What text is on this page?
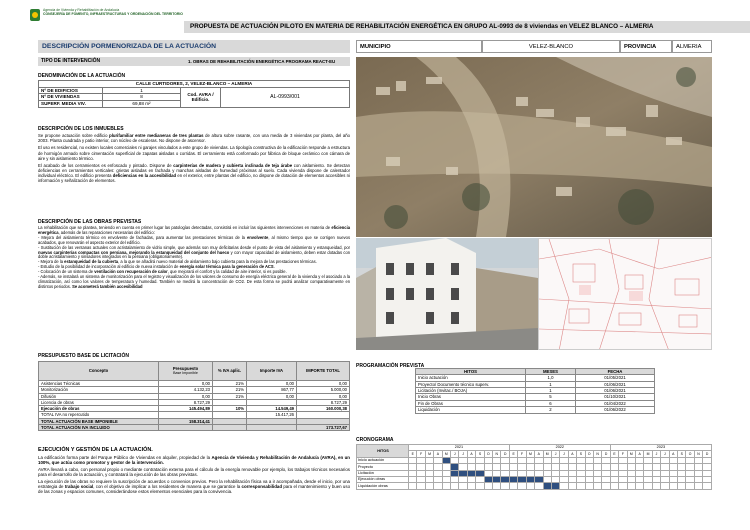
Agencia de Vivienda y Rehabilitación de Andalucía
CONSEJERÍA DE FOMENTO, INFRAESTRUCTURAS Y ORDENACIÓN DEL TERRITORIO
PROPUESTA DE ACTUACIÓN PILOTO EN MATERIA DE REHABILITACIÓN ENERGÉTICA EN GRUPO AL-0993 de 8 viviendas en VELEZ BLANCO – ALMERIA
DESCRIPCIÓN PORMENORIZADA DE LA ACTUACIÓN	MUNICIPIO	VELEZ-BLANCO	PROVINCIA	ALMERIA
TIPO DE INTERVENCIÓN	1. OBRAS DE REHABILITACIÓN ENERGÉTICA PROGRAMA REACT-EU
DENOMINACIÓN DE LA ACTUACIÓN
CALLE CURTIDORES, 2, VELEZ-BLANCO – ALMERIA			
Nº DE EDIFICIOS	1	Cod. AVRA / Edificio.	AL-0993/001
Nº DE VIVIENDAS	8		
SUPERF. MEDIA VIV.	69,88 m²		
DESCRIPCIÓN DE LOS INMUEBLES

Se propone actuación sobre edificio plurifamiliar entre medianeras de tres plantas de altura sobre rasante, con una media de 3 viviendas por planta, del año 2003. Planta cuadrada y patio interior, con núcleo de escaleras. No dispone de ascensor.

El uso es residencial, no existen locales comerciales ni garajes vinculados a este grupo de viviendas. La tipología constructiva de la edificación responde a estructura de hormigón armado sobre cimentación superficial de zapatas aisladas o corridas. El cerramiento está conformado por fábrica de bloque cerámico con cámara de aire y sin aislamiento térmico.

El acabado de los cerramientos es enfoscado y pintado. Dispone de carpinterías de madera y cubierta inclinada de teja árabe con aislamiento. Se detectan deficiencias en cerramientos verticales: grietas aisladas en fachada y manchas aisladas de humedad próximas al suelo. Cada vivienda dispone de calentador individual eléctrico. El edificio presenta deficiencias en la accesibilidad en el exterior, entre plantas del edificio, no dispone de dotación de elementos accesibles ni información y señalización de elementos.

DESCRIPCIÓN DE LAS OBRAS PREVISTAS

La rehabilitación que se plantea, teniendo en cuenta en primer lugar las patologías detectadas, consistirá en incluir las siguientes intervenciones en materia de eficiencia energética, además de las reparaciones necesarias del edificio:

- Mejora del aislamiento térmico en envolvente de fachadas, para aumentar las prestaciones térmicas de la envolvente, al mismo tiempo que se corrigen nuevos acabados, que renovarán el aspecto exterior del edificio.

- Sustitución de las ventanas actuales con acristalamiento de vidrio simple, que además son muy deficitarias desde el punto de vista del aislamiento y estanqueidad, por nuevas carpinterías compactas con persiana, mejorando la estanqueidad del conjunto del hueco y con mayor capacidad de aislamiento, deben estar dotadas con doble acristalamiento y sinsadores integrados en la persiana (obligatoriamente).

- Mejora de la estanqueidad de la cubierta, a la que se añadirá nuevo material de aislamiento bajo cubierta para la mejora de las prestaciones térmicas.

- Estudio de la posibilidad de incorporación al edificio de nueva instalación de energía solar térmica para la generación de ACS.

- Colocación de un sistema de ventilación con recuperación de calor, que mejorará el confort y la calidad de aire interior, si es posible.

- Además, se instalará un sistema de monitorización para el registro y visualización de los valores de consumo de energía eléctrica general de la vivienda y el asociado a la climatización, así como los valores de temperatura y humedad. También se medirá la concentración de CO2. De esta forma se podrá analizar comparativamente en distintos periodos. Se acometerá también accesibilidad

PRESUPUESTO BASE DE LICITACIÓN
Concepto	Presupuesto
Base Imponible	% IVA aplic.	Importe IVA	IMPORTE TOTAL
Asistencias Técnicas	0,00	21%	0,00	0,00
Monitorización	4.132,23	21%	867,77	5.000,00
Difusión	0,00	21%	0,00	0,00
Licencia de obras	8.727,29			8.727,29
Ejecución de obras	145.494,89	10%	14.549,49	160.000,38
TOTAL IVA no repercutido			15.417,26	
TOTAL ACTUACIÓN BASE IMPONIBLE	158.314,41			
TOTAL ACTUACIÓN IVA INCLUIDO				173.727,67
EJECUCIÓN Y GESTIÓN DE LA ACTUACIÓN.

La edificación forma parte del Parque Público de Viviendas en alquiler, propiedad de la Agencia de Vivienda y Rehabilitación de Andalucía (AVRA), en un 100%, que actúa como promotor y gestor de la intervención.

AVRA llevará a cabo, con personal propio o mediante contratación externa para el cálculo de la energía renovable por ejemplo, los trabajos técnicos necesarios para el desarrollo de la actuación, y contratará la ejecución de las obras previstas.

La ejecución de las obras no requiere la suscripción de acuerdos o convenios previos. Pero la rehabilitación física va a ir acompañada, desde el inicio, por una estrategia de trabajo social, con el objetivo de implicar a los residentes de manera que se garantice la corresponsabilidad para el mantenimiento y buen uso de las zonas y espacios comunes, considerándose estos elementos esenciales para la convivencia.

PROGRAMACIÓN PREVISTA
HITOS	MESES	FECHA
Inicio actuación	1,0	01/05/2021
Proyecto/ Documento técnico superv.	1	01/06/2021
Licitación (Invitac./ BOJA)	1	01/06/2021
Inicio Obras	5	01/10/2021
Fin de Obras	6	01/04/2022
Liquidación	2	01/06/2022
CRONOGRAMA
HITOS	2021												2022												2023											
	E	F	M	A	M	J	J	A	S	O	N	D	E	F	M	A	M	J	J	A	S	O	N	D	E	F	M	A	M	J	J	A	S	O	N	D
Inicio actuación																																				
Proyecto																																				
Licitación																																				
Ejecución obras																																				
Liquidación obras																																				
